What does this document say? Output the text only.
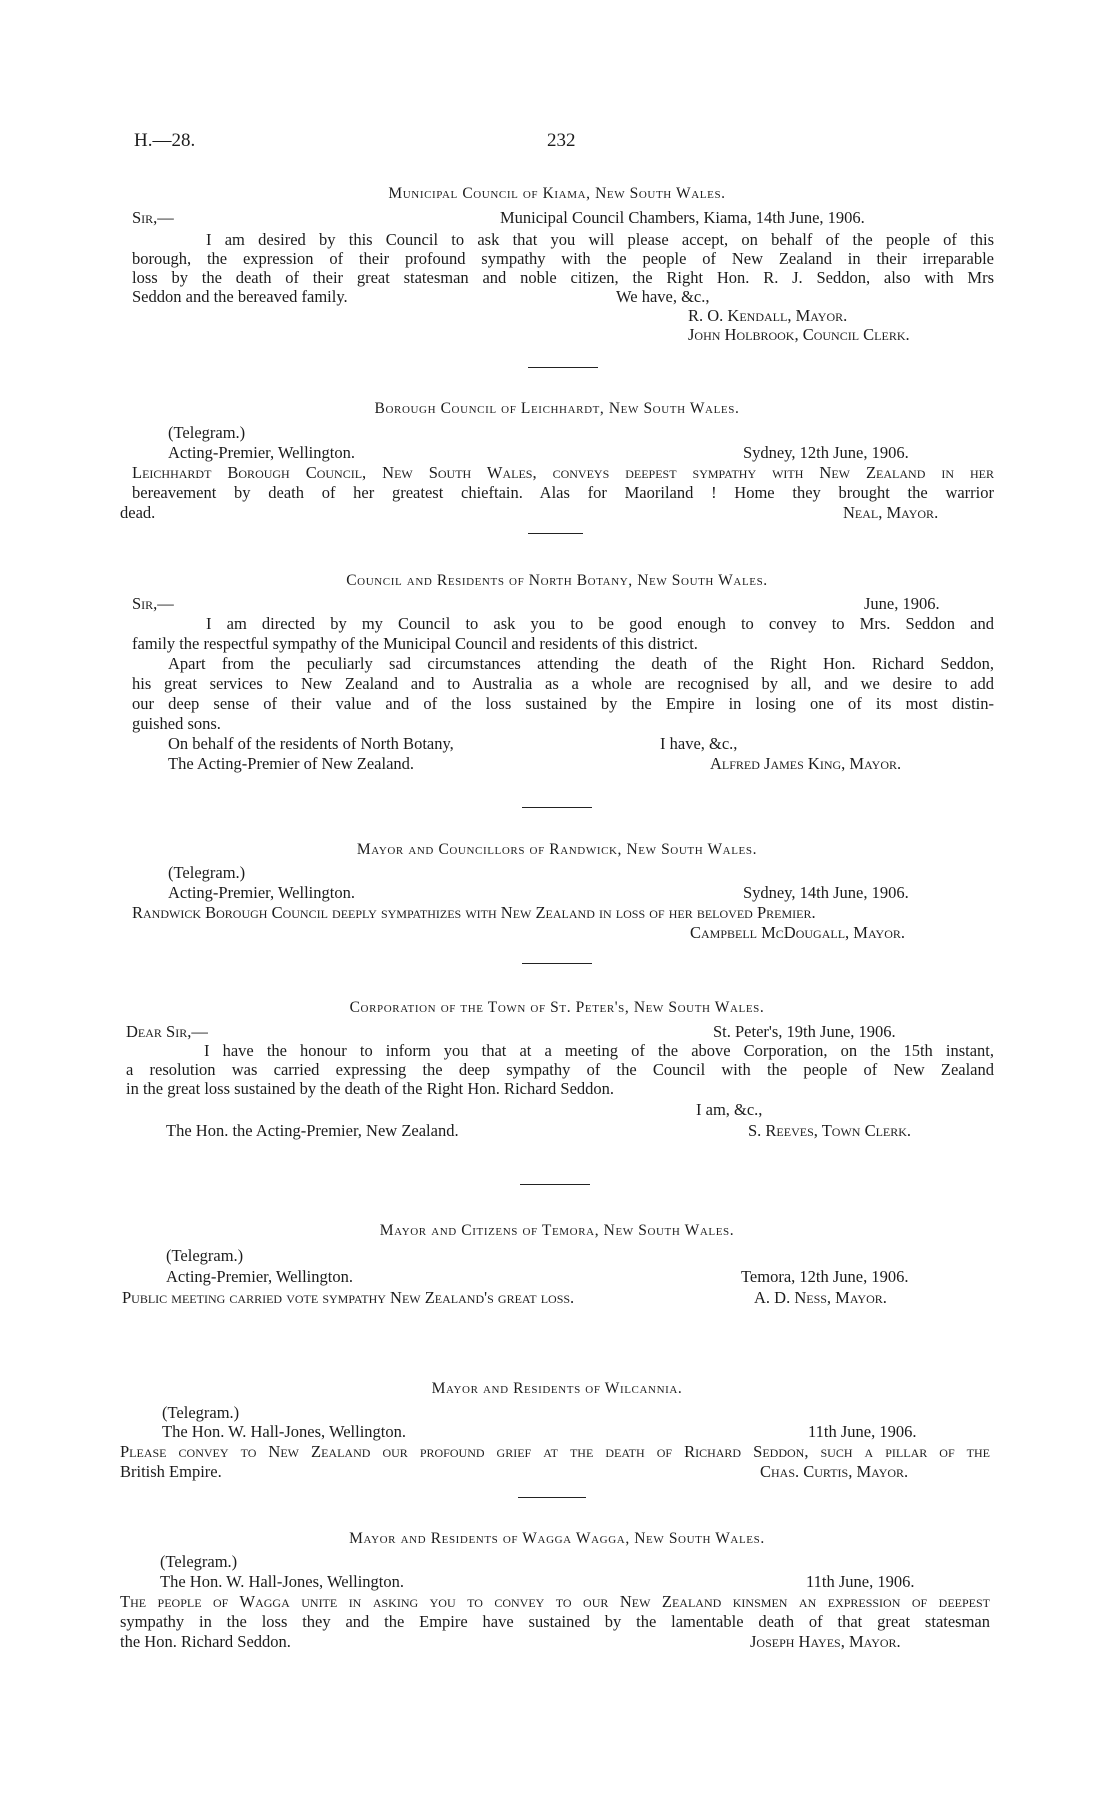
H.—28.	232
Municipal Council of Kiama, New South Wales.
Sir,—	Municipal Council Chambers, Kiama, 14th June, 1906.
I am desired by this Council to ask that you will please accept, on behalf of the people of this
borough, the expression of their profound sympathy with the people of New Zealand in their irreparable
loss by the death of their great statesman and noble citizen, the Right Hon. R. J. Seddon, also with Mrs
Seddon and the bereaved family.	We have, &c.,
R. O. Kendall, Mayor.
John Holbrook, Council Clerk.
Borough Council of Leichhardt, New South Wales.
(Telegram.)
Acting-Premier, Wellington.	Sydney, 12th June, 1906.
Leichhardt Borough Council, New South Wales, conveys deepest sympathy with New Zealand in her
bereavement by death of her greatest chieftain. Alas for Maoriland ! Home they brought the warrior
dead.	Neal, Mayor.
Council and Residents of North Botany, New South Wales.
Sir,—	June, 1906.
I am directed by my Council to ask you to be good enough to convey to Mrs. Seddon and
family the respectful sympathy of the Municipal Council and residents of this district.
Apart from the peculiarly sad circumstances attending the death of the Right Hon. Richard Seddon,
his great services to New Zealand and to Australia as a whole are recognised by all, and we desire to add
our deep sense of their value and of the loss sustained by the Empire in losing one of its most distin-
guished sons.
On behalf of the residents of North Botany,	I have, &c.,
The Acting-Premier of New Zealand.	Alfred James King, Mayor.
Mayor and Councillors of Randwick, New South Wales.
(Telegram.)
Acting-Premier, Wellington.	Sydney, 14th June, 1906.
Randwick Borough Council deeply sympathizes with New Zealand in loss of her beloved Premier.
Campbell McDougall, Mayor.
Corporation of the Town of St. Peter's, New South Wales.
Dear Sir,—	St. Peter's, 19th June, 1906.
I have the honour to inform you that at a meeting of the above Corporation, on the 15th instant,
a resolution was carried expressing the deep sympathy of the Council with the people of New Zealand
in the great loss sustained by the death of the Right Hon. Richard Seddon.
I am, &c.,
The Hon. the Acting-Premier, New Zealand.	S. Reeves, Town Clerk.
Mayor and Citizens of Temora, New South Wales.
(Telegram.)
Acting-Premier, Wellington.	Temora, 12th June, 1906.
Public meeting carried vote sympathy New Zealand's great loss.	A. D. Ness, Mayor.
Mayor and Residents of Wilcannia.
(Telegram.)
The Hon. W. Hall-Jones, Wellington.	11th June, 1906.
Please convey to New Zealand our profound grief at the death of Richard Seddon, such a pillar of the
British Empire.	Chas. Curtis, Mayor.
Mayor and Residents of Wagga Wagga, New South Wales.
(Telegram.)
The Hon. W. Hall-Jones, Wellington.	11th June, 1906.
The people of Wagga unite in asking you to convey to our New Zealand kinsmen an expression of deepest
sympathy in the loss they and the Empire have sustained by the lamentable death of that great statesman
the Hon. Richard Seddon.	Joseph Hayes, Mayor.
